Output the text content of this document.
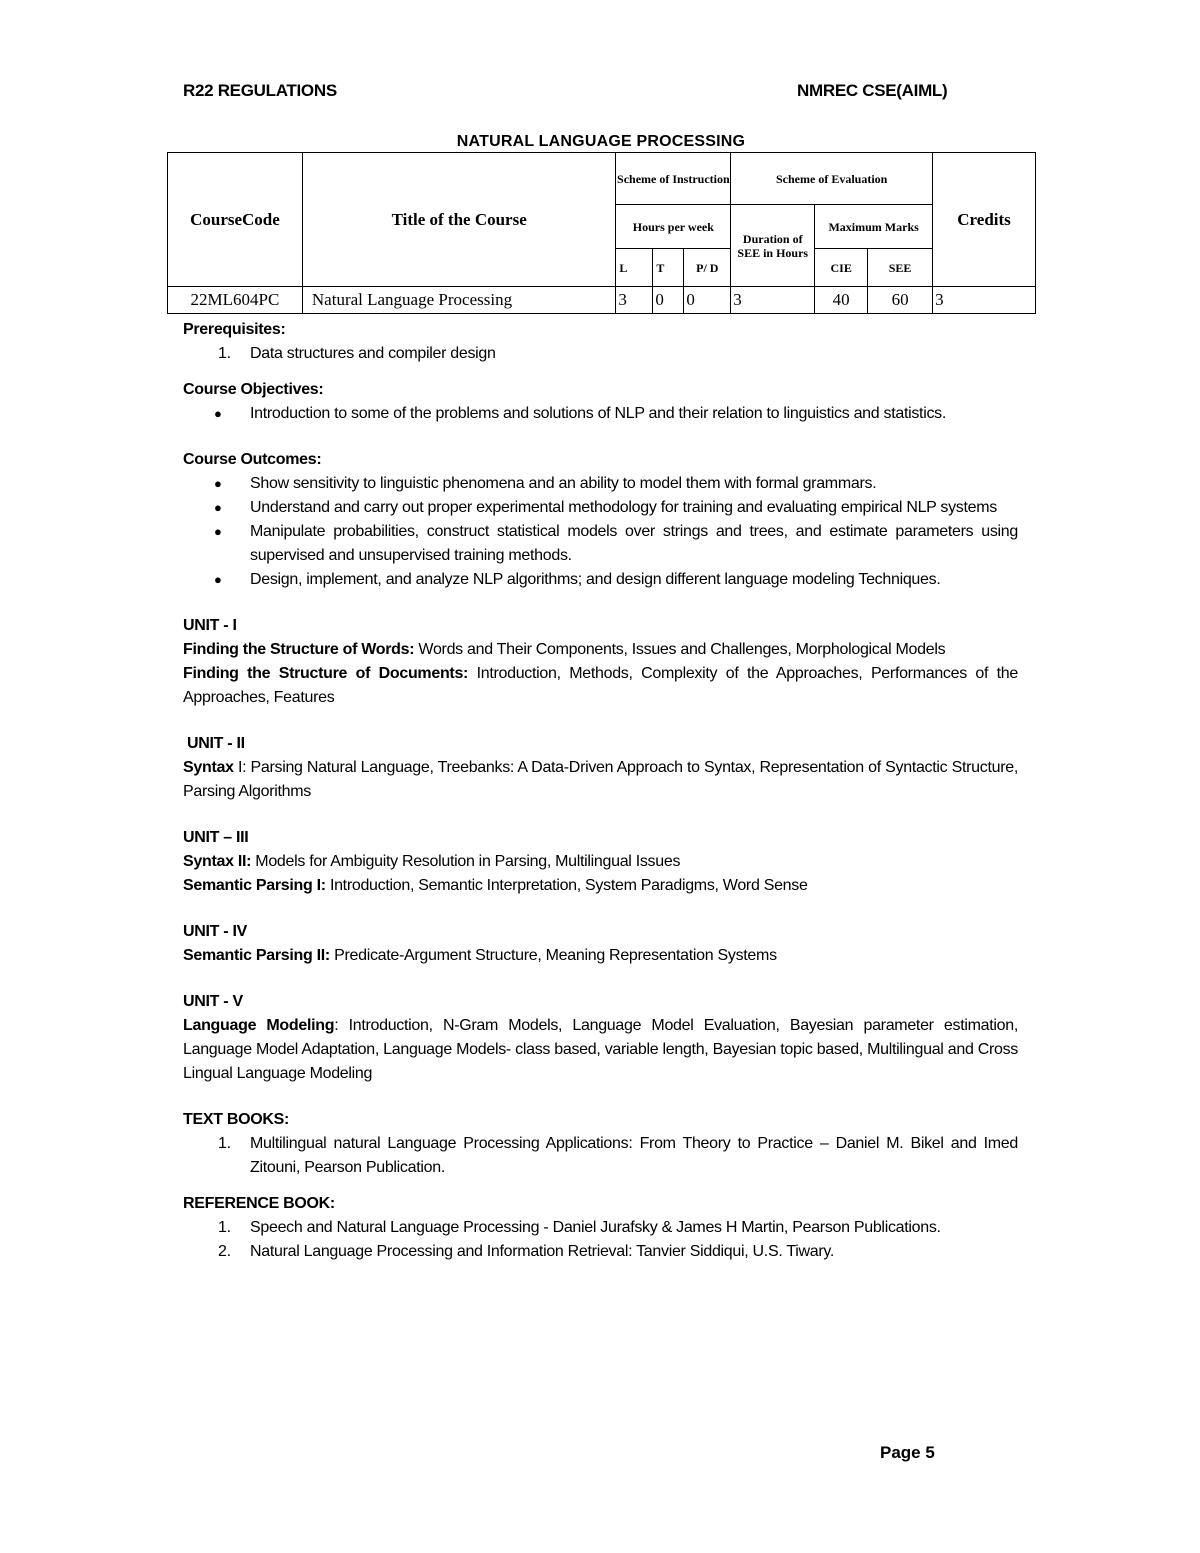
R22 REGULATIONS	NMREC CSE(AIML)
NATURAL LANGUAGE PROCESSING
CourseCode	Title of the Course	Scheme of Instruction			Scheme of Evaluation			Credits
		Hours per week			Duration of SEE in Hours	Maximum Marks		
		L	T	P/ D		CIE	SEE	
22ML604PC	Natural Language Processing	3	0	0	3	40	60	3

Prerequisites:

1. Data structures and compiler design

Course Objectives:

● Introduction to some of the problems and solutions of NLP and their relation to linguistics and statistics.

Course Outcomes:

● Show sensitivity to linguistic phenomena and an ability to model them with formal grammars.
● Understand and carry out proper experimental methodology for training and evaluating empirical NLP systems
● Manipulate probabilities, construct statistical models over strings and trees, and estimate parameters using supervised and unsupervised training methods.
● Design, implement, and analyze NLP algorithms; and design different language modeling Techniques.

UNIT - I

Finding the Structure of Words: Words and Their Components, Issues and Challenges, Morphological Models

Finding the Structure of Documents: Introduction, Methods, Complexity of the Approaches, Performances of the Approaches, Features

UNIT - II

Syntax I: Parsing Natural Language, Treebanks: A Data-Driven Approach to Syntax, Representation of Syntactic Structure, Parsing Algorithms

UNIT – III

Syntax II: Models for Ambiguity Resolution in Parsing, Multilingual Issues

Semantic Parsing I: Introduction, Semantic Interpretation, System Paradigms, Word Sense

UNIT - IV

Semantic Parsing II: Predicate-Argument Structure, Meaning Representation Systems

UNIT - V

Language Modeling: Introduction, N-Gram Models, Language Model Evaluation, Bayesian parameter estimation, Language Model Adaptation, Language Models- class based, variable length, Bayesian topic based, Multilingual and Cross Lingual Language Modeling

TEXT BOOKS:

1. Multilingual natural Language Processing Applications: From Theory to Practice – Daniel M. Bikel and Imed Zitouni, Pearson Publication.

REFERENCE BOOK:

1. Speech and Natural Language Processing - Daniel Jurafsky & James H Martin, Pearson Publications.
2. Natural Language Processing and Information Retrieval: Tanvier Siddiqui, U.S. Tiwary.
Page 5
